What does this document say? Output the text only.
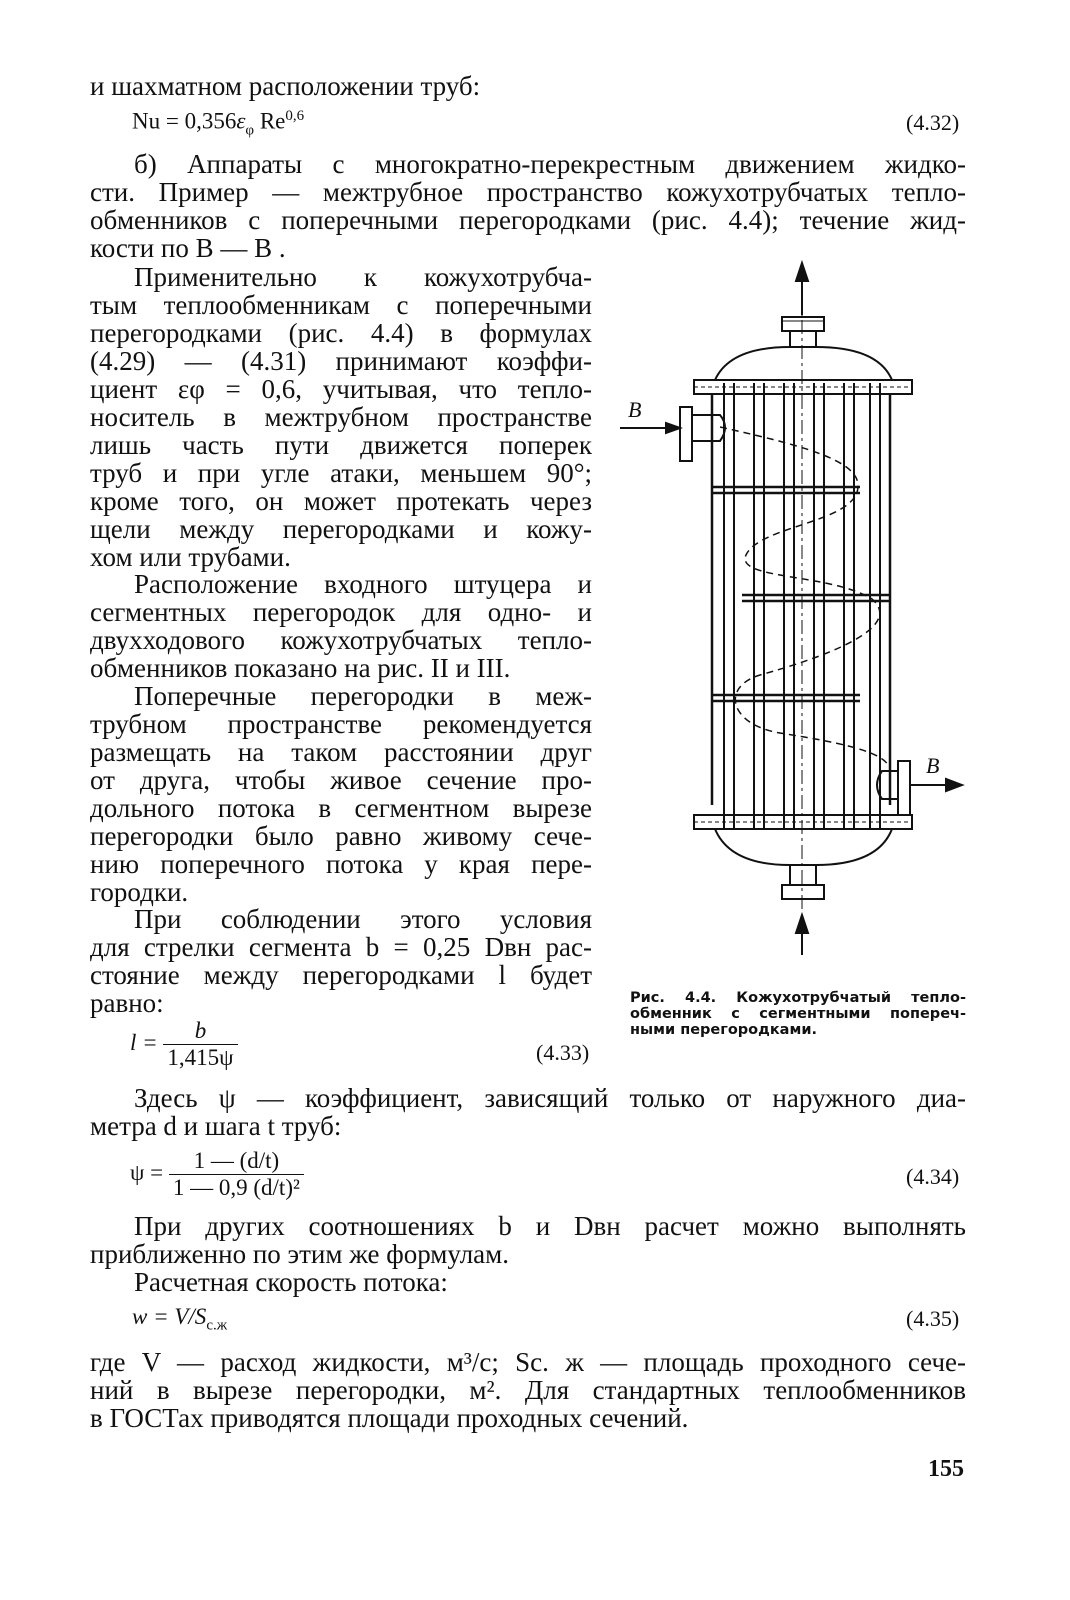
и шахматном расположении труб:
$Nu = 0,356\varepsilon_\varphi$ Re$^{0,6}$	(4.32)
б) Аппараты с многократно-перекрестным движением жидко-
сти. Пример — межтрубное пространство кожухотрубчатых тепло-
обменников с поперечными перегородками (рис. 4.4); течение жид-
кости по В — В .
Применительно к кожухотрубча-
тым теплообменникам с поперечными
перегородками (рис. 4.4) в формулах
(4.29) — (4.31) принимают коэффи-
циент εφ = 0,6, учитывая, что тепло-
носитель в межтрубном пространстве
лишь часть пути движется поперек
труб и при угле атаки, меньшем 90°;
кроме того, он может протекать через
щели между перегородками и кожу-
хом или трубами.
Расположение входного штуцера и
сегментных перегородок для одно- и
двухходового кожухотрубчатых тепло-
обменников показано на рис. II и III.
Поперечные перегородки в меж-
трубном пространстве рекомендуется
размещать на таком расстоянии друг
от друга, чтобы живое сечение про-
дольного потока в сегментном вырезе
перегородки было равно живому сече-
нию поперечного потока у края пере-
городки.
При соблюдении этого условия
для стрелки сегмента b = 0,25 Dвн рас-
стояние между перегородками l будет
равно:
$l = \frac{b}{1,415\psi}$	(4.33)
Здесь ψ — коэффициент, зависящий только от наружного диа-
метра d и шага t труб:
$\psi = \frac{1 — (d/t)}{\text{1 — 0,9 (d/t)²}}$	(4.34)
При других соотношениях b и Dвн расчет можно выполнять
приближенно по этим же формулам.
Расчетная скорость потока:
$w = V/S_{с.ж}$	(4.35)
где V — расход жидкости, м³/с; Sс. ж — площадь проходного сече-
ний в вырезе перегородки, м². Для стандартных теплообменников
в ГОСТах приводятся площади проходных сечений.
В
В
Рис. 4.4. Кожухотрубчатый тепло-
обменник с сегментными попереч-
ными перегородками.
155
